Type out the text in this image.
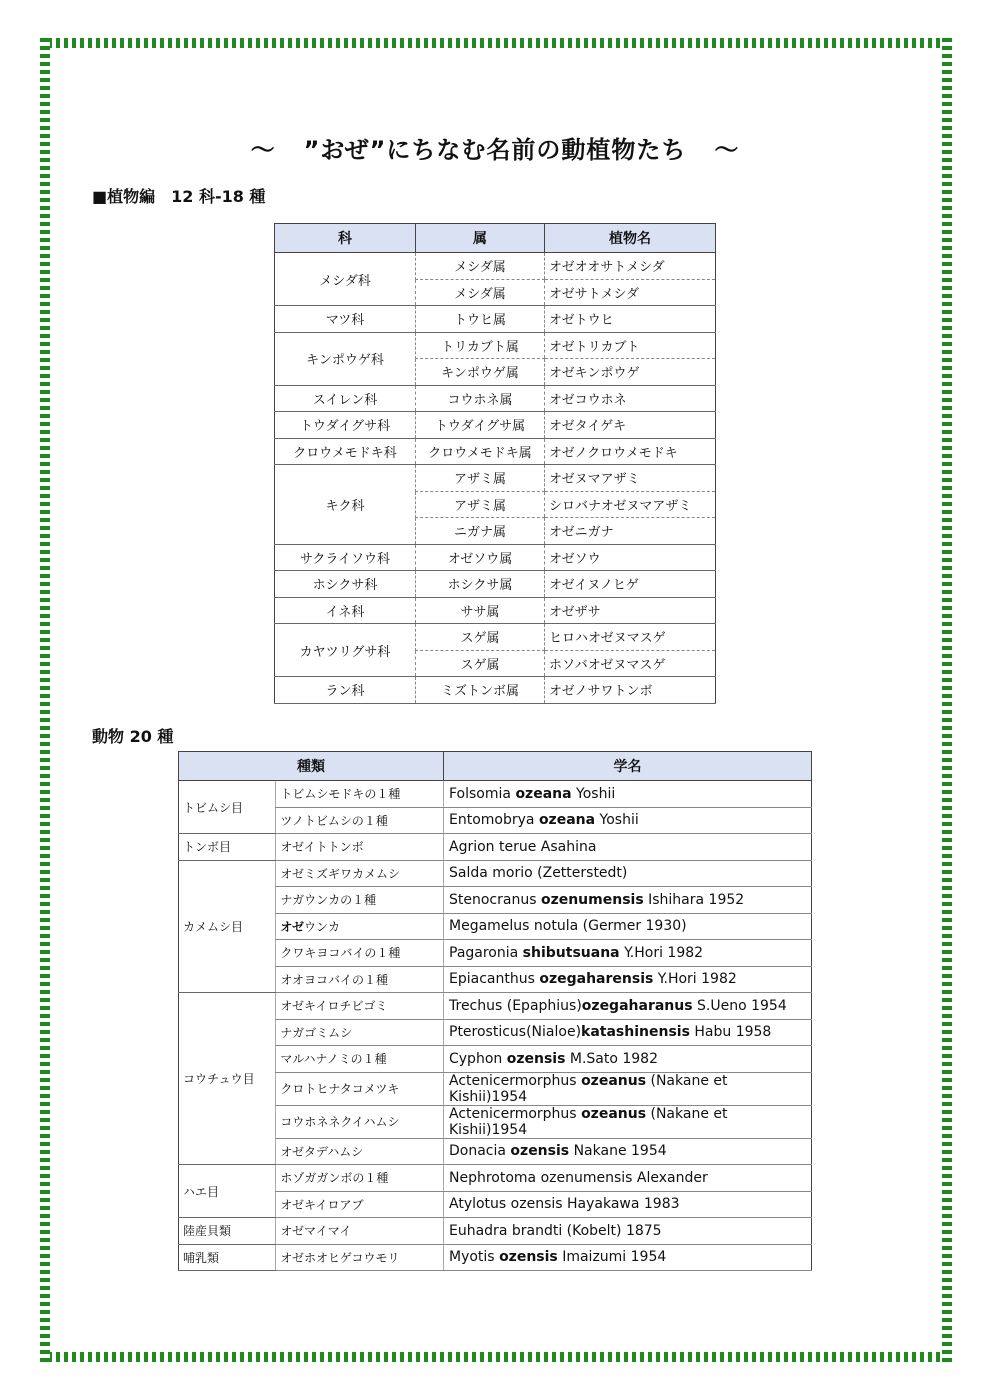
～ ”おぜ”にちなむ名前の動植物たち ～
■植物編　12 科-18 種
科	属	植物名
メシダ科	メシダ属	オゼオオサトメシダ
	メシダ属	オゼサトメシダ
マツ科	トウヒ属	オゼトウヒ
キンポウゲ科	トリカブト属	オゼトリカブト
	キンポウゲ属	オゼキンポウゲ
スイレン科	コウホネ属	オゼコウホネ
トウダイグサ科	トウダイグサ属	オゼタイゲキ
クロウメモドキ科	クロウメモドキ属	オゼノクロウメモドキ
キク科	アザミ属	オゼヌマアザミ
	アザミ属	シロバナオゼヌマアザミ
	ニガナ属	オゼニガナ
サクライソウ科	オゼソウ属	オゼソウ
ホシクサ科	ホシクサ属	オゼイヌノヒゲ
イネ科	ササ属	オゼザサ
カヤツリグサ科	スゲ属	ヒロハオゼヌマスゲ
	スゲ属	ホソバオゼヌマスゲ
ラン科	ミズトンボ属	オゼノサワトンボ
動物 20 種
種類		学名
トビムシ目	トビムシモドキの１種	Folsomia ozeana Yoshii
	ツノトビムシの１種	Entomobrya ozeana Yoshii
トンボ目	オゼイトトンボ	Agrion terue Asahina
カメムシ目	オゼミズギワカメムシ	Salda morio (Zetterstedt)
	ナガウンカの１種	Stenocranus ozenumensis Ishihara 1952
	オゼウンカ	Megamelus notula (Germer 1930)
	クワキヨコバイの１種	Pagaronia shibutsuana Y.Hori 1982
	オオヨコバイの１種	Epiacanthus ozegaharensis Y.Hori 1982
コウチュウ目	オゼキイロチビゴミ	Trechus (Epaphius)ozegaharanus S.Ueno 1954
	ナガゴミムシ	Pterosticus(Nialoe)katashinensis Habu 1958
	マルハナノミの１種	Cyphon ozensis M.Sato 1982
	クロトヒナタコメツキ	Actenicermorphus ozeanus (Nakane et Kishii)1954
	コウホネネクイハムシ	Actenicermorphus ozeanus (Nakane et Kishii)1954
	オゼタデハムシ	Donacia ozensis Nakane 1954
ハエ目	ホゾガガンボの１種	Nephrotoma ozenumensis Alexander
	オゼキイロアブ	Atylotus ozensis Hayakawa 1983
陸産貝類	オゼマイマイ	Euhadra brandti (Kobelt) 1875
哺乳類	オゼホオヒゲコウモリ	Myotis ozensis Imaizumi 1954
